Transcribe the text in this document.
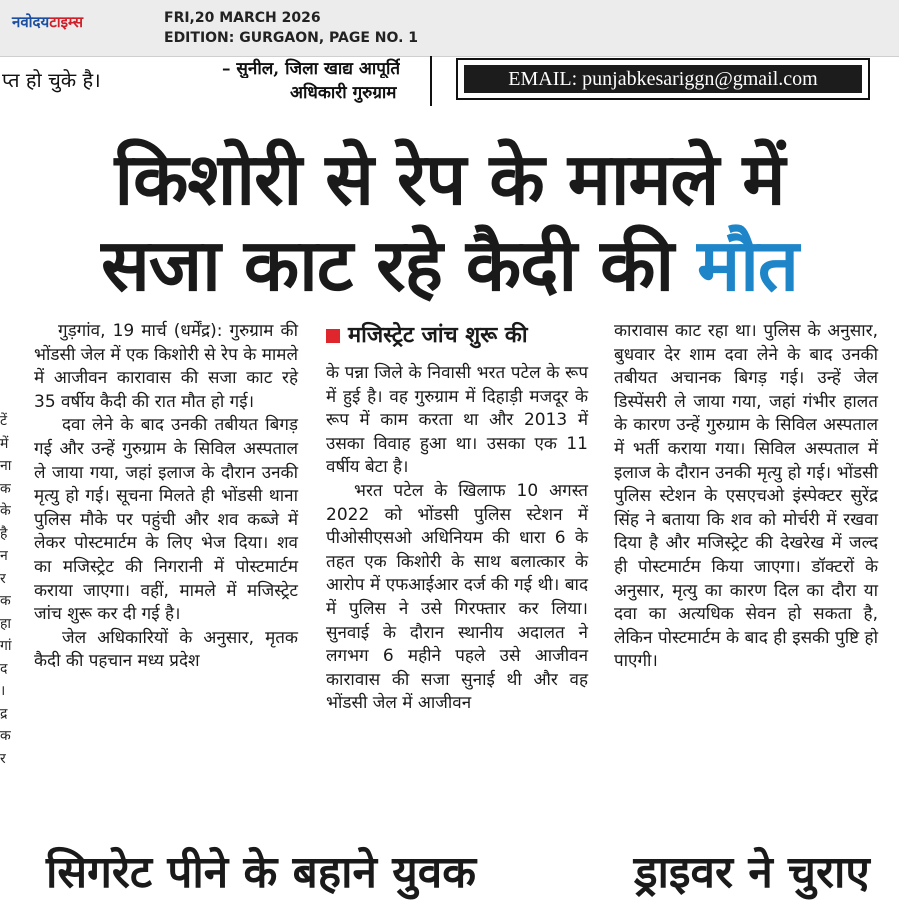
नवोदयटाइम्स	FRI,20 MARCH 2026
EDITION: GURGAON, PAGE NO. 1
प्त हो चुके है।	– सुनील, जिला खाद्य आपूर्ति
अधिकारी गुरुग्राम
EMAIL: punjabkesariggn@gmail.com
किशोरी से रेप के मामले में
सजा काट रहे कैदी की मौत
टें
में
ना
क
के
है
न
र
क
हा
गां
द
।
द्र
क
र

गुड़गांव, 19 मार्च (धर्मेंद्र): गुरुग्राम की भोंडसी जेल में एक किशोरी से रेप के मामले में आजीवन कारावास की सजा काट रहे 35 वर्षीय कैदी की रात मौत हो गई।

दवा लेने के बाद उनकी तबीयत बिगड़ गई और उन्हें गुरुग्राम के सिविल अस्पताल ले जाया गया, जहां इलाज के दौरान उनकी मृत्यु हो गई। सूचना मिलते ही भोंडसी थाना पुलिस मौके पर पहुंची और शव कब्जे में लेकर पोस्टमार्टम के लिए भेज दिया। शव का मजिस्ट्रेट की निगरानी में पोस्टमार्टम कराया जाएगा। वहीं, मामले में मजिस्ट्रेट जांच शुरू कर दी गई है।

जेल अधिकारियों के अनुसार, मृतक कैदी की पहचान मध्य प्रदेश

मजिस्ट्रेट जांच शुरू की

के पन्ना जिले के निवासी भरत पटेल के रूप में हुई है। वह गुरुग्राम में दिहाड़ी मजदूर के रूप में काम करता था और 2013 में उसका विवाह हुआ था। उसका एक 11 वर्षीय बेटा है।

भरत पटेल के खिलाफ 10 अगस्त 2022 को भोंडसी पुलिस स्टेशन में पीओसीएसओ अधिनियम की धारा 6 के तहत एक किशोरी के साथ बलात्कार के आरोप में एफआईआर दर्ज की गई थी। बाद में पुलिस ने उसे गिरफ्तार कर लिया। सुनवाई के दौरान स्थानीय अदालत ने लगभग 6 महीने पहले उसे आजीवन कारावास की सजा सुनाई थी और वह भोंडसी जेल में आजीवन

कारावास काट रहा था। पुलिस के अनुसार, बुधवार देर शाम दवा लेने के बाद उनकी तबीयत अचानक बिगड़ गई। उन्हें जेल डिस्पेंसरी ले जाया गया, जहां गंभीर हालत के कारण उन्हें गुरुग्राम के सिविल अस्पताल में भर्ती कराया गया। सिविल अस्पताल में इलाज के दौरान उनकी मृत्यु हो गई। भोंडसी पुलिस स्टेशन के एसएचओ इंस्पेक्टर सुरेंद्र सिंह ने बताया कि शव को मोर्चरी में रखवा दिया है और मजिस्ट्रेट की देखरेख में जल्द ही पोस्टमार्टम किया जाएगा। डॉक्टरों के अनुसार, मृत्यु का कारण दिल का दौरा या दवा का अत्यधिक सेवन हो सकता है, लेकिन पोस्टमार्टम के बाद ही इसकी पुष्टि हो पाएगी।

सिगरेट पीने के बहाने युवक	ड्राइवर ने चुराए
